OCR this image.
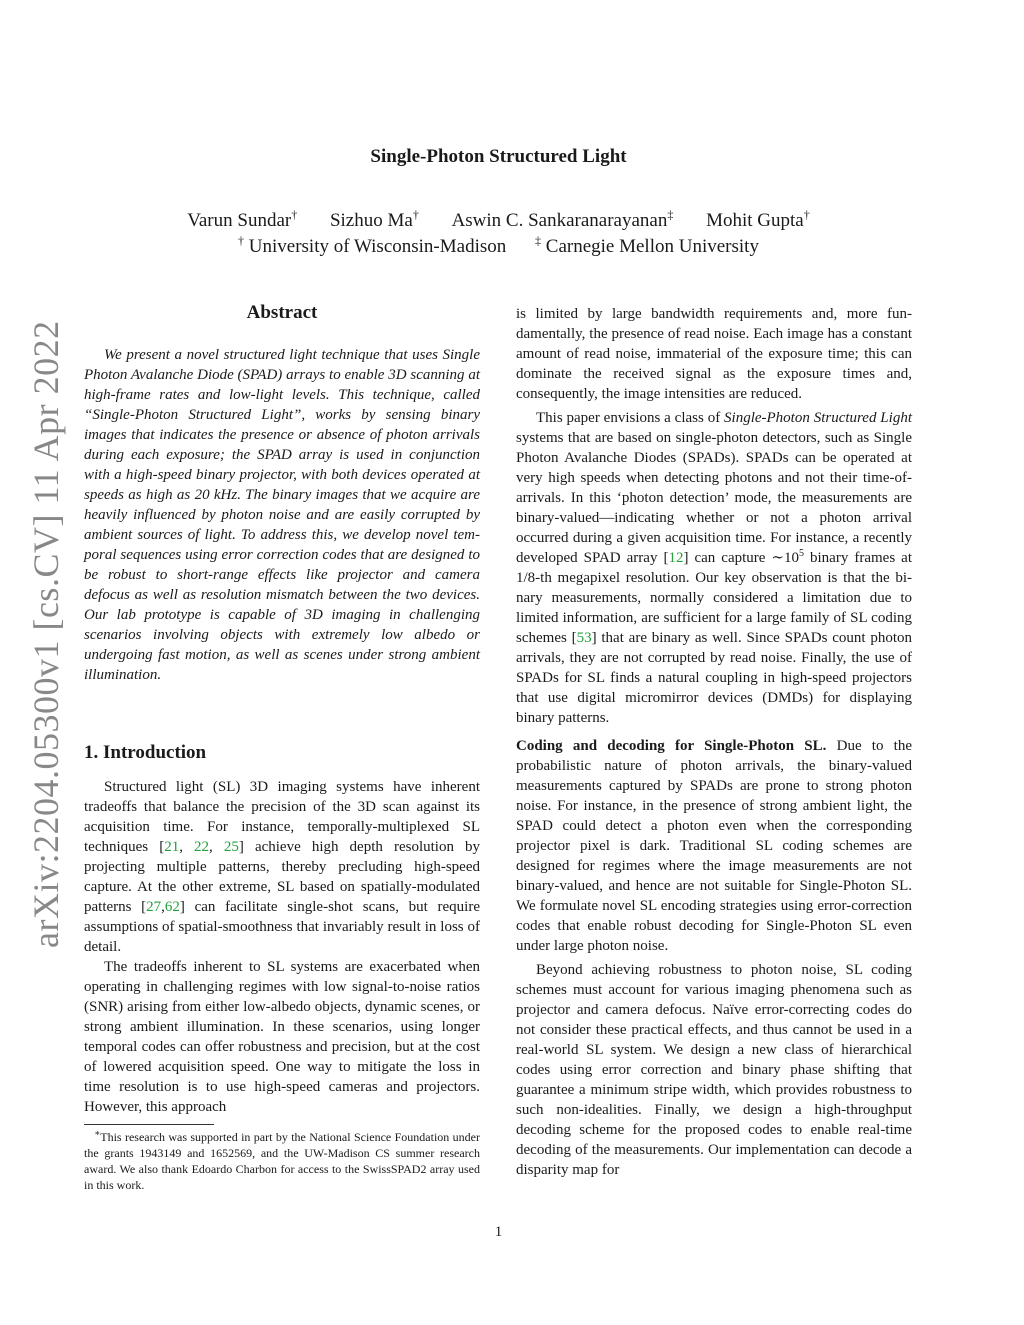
arXiv:2204.05300v1 [cs.CV] 11 Apr 2022
Single-Photon Structured Light
Varun Sundar† Sizhuo Ma† Aswin C. Sankaranarayanan‡ Mohit Gupta†
† University of Wisconsin-Madison ‡ Carnegie Mellon University
Abstract

We present a novel structured light technique that uses Single Photon Avalanche Diode (SPAD) arrays to enable 3D scanning at high-frame rates and low-light levels. This technique, called “Single-Photon Structured Light”, works by sensing binary images that indicates the presence or absence of photon arrivals during each exposure; the SPAD array is used in conjunction with a high-speed binary projector, with both devices operated at speeds as high as 20 kHz. The binary images that we acquire are heavily influenced by photon noise and are easily corrupted by ambient sources of light. To address this, we develop novel temporal sequences using error correction codes that are designed to be robust to short-range effects like projector and camera defocus as well as resolution mismatch between the two devices. Our lab prototype is capable of 3D imaging in challenging scenarios involving objects with extremely low albedo or undergoing fast motion, as well as scenes under strong ambient illumination.

1. Introduction

Structured light (SL) 3D imaging systems have inherent tradeoffs that balance the precision of the 3D scan against its acquisition time. For instance, temporally-multiplexed SL techniques [21, 22, 25] achieve high depth resolution by projecting multiple patterns, thereby precluding high-speed capture. At the other extreme, SL based on spatially-modulated patterns [27,62] can facilitate single-shot scans, but require assumptions of spatial-smoothness that invariably result in loss of detail.

The tradeoffs inherent to SL systems are exacerbated when operating in challenging regimes with low signal-to-noise ratios (SNR) arising from either low-albedo objects, dynamic scenes, or strong ambient illumination. In these scenarios, using longer temporal codes can offer robustness and precision, but at the cost of lowered acquisition speed. One way to mitigate the loss in time resolution is to use high-speed cameras and projectors. However, this approach

∗This research was supported in part by the National Science Foundation under the grants 1943149 and 1652569, and the UW-Madison CS summer research award. We also thank Edoardo Charbon for access to the SwissSPAD2 array used in this work.

is limited by large bandwidth requirements and, more fundamentally, the presence of read noise. Each image has a constant amount of read noise, immaterial of the exposure time; this can dominate the received signal as the exposure times and, consequently, the image intensities are reduced.

This paper envisions a class of Single-Photon Structured Light systems that are based on single-photon detectors, such as Single Photon Avalanche Diodes (SPADs). SPADs can be operated at very high speeds when detecting photons and not their time-of-arrivals. In this ‘photon detection’ mode, the measurements are binary-valued—indicating whether or not a photon arrival occurred during a given acquisition time. For instance, a recently developed SPAD array [12] can capture $\sim 10^5$ binary frames at 1/8-th megapixel resolution. Our key observation is that the binary measurements, normally considered a limitation due to limited information, are sufficient for a large family of SL coding schemes [53] that are binary as well. Since SPADs count photon arrivals, they are not corrupted by read noise. Finally, the use of SPADs for SL finds a natural coupling in high-speed projectors that use digital micromirror devices (DMDs) for displaying binary patterns.

Coding and decoding for Single-Photon SL. Due to the probabilistic nature of photon arrivals, the binary-valued measurements captured by SPADs are prone to strong photon noise. For instance, in the presence of strong ambient light, the SPAD could detect a photon even when the corresponding projector pixel is dark. Traditional SL coding schemes are designed for regimes where the image measurements are not binary-valued, and hence are not suitable for Single-Photon SL. We formulate novel SL encoding strategies using error-correction codes that enable robust decoding for Single-Photon SL even under large photon noise.

Beyond achieving robustness to photon noise, SL coding schemes must account for various imaging phenomena such as projector and camera defocus. Naïve error-correcting codes do not consider these practical effects, and thus cannot be used in a real-world SL system. We design a new class of hierarchical codes using error correction and binary phase shifting that guarantee a minimum stripe width, which provides robustness to such non-idealities. Finally, we design a high-throughput decoding scheme for the proposed codes to enable real-time decoding of the measurements. Our implementation can decode a disparity map for

1
